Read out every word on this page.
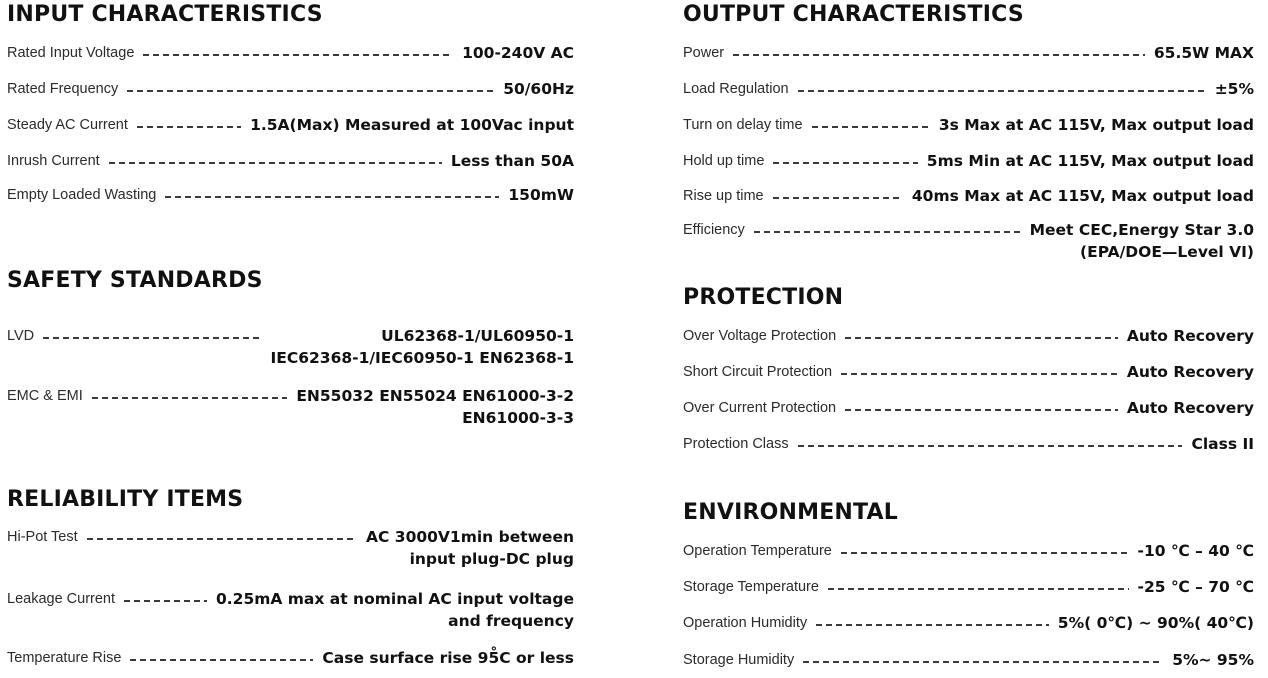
INPUT CHARACTERISTICS
Rated Input Voltage	100-240V AC
Rated Frequency	50/60Hz
Steady AC Current	1.5A(Max) Measured at 100Vac input
Inrush Current	Less than 50A
Empty Loaded Wasting	150mW
SAFETY STANDARDS
LVD	UL62368-1/UL60950-1
IEC62368-1/IEC60950-1 EN62368-1
EMC & EMI	EN55032 EN55024 EN61000-3-2
EN61000-3-3
RELIABILITY ITEMS
Hi-Pot Test	AC 3000V1min between
input plug-DC plug
Leakage Current	0.25mA max at nominal AC input voltage
and frequency
Temperature Rise	Case surface rise 95̊C or less
OUTPUT CHARACTERISTICS
Power	65.5W MAX
Load Regulation	±5%
Turn on delay time	3s Max at AC 115V, Max output load
Hold up time	5ms Min at AC 115V, Max output load
Rise up time	40ms Max at AC 115V, Max output load
Efficiency	Meet CEC,Energy Star 3.0
(EPA/DOE—Level VI)
PROTECTION
Over Voltage Protection	Auto Recovery
Short Circuit Protection	Auto Recovery
Over Current Protection	Auto Recovery
Protection Class	Class II
ENVIRONMENTAL
Operation Temperature	-10 ℃ – 40 ℃
Storage Temperature	-25 ℃ – 70 ℃
Operation Humidity	5%( 0℃) ~ 90%( 40℃)
Storage Humidity	5%~ 95%
